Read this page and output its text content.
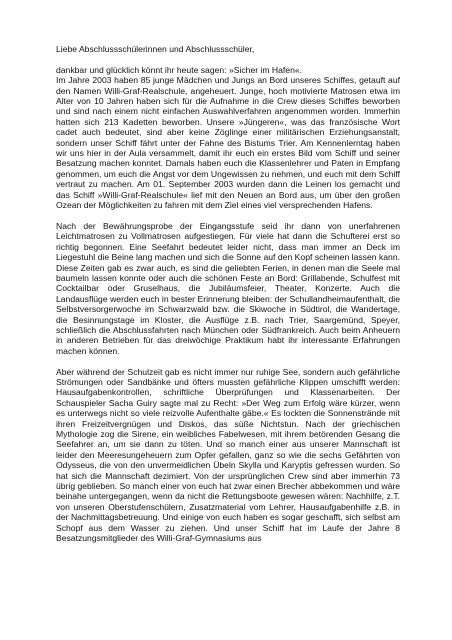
Liebe Abschlussschülerinnen und Abschlussschüler,

dankbar und glücklich könnt ihr heute sagen: »Sicher im Hafen«.

Im Jahre 2003 haben 85 junge Mädchen und Jungs an Bord unseres Schiffes, getauft auf den Namen Willi-Graf-Realschule, angeheuert. Junge, hoch motivierte Matrosen etwa im Alter von 10 Jahren haben sich für die Aufnahme in die Crew dieses Schiffes beworben und sind nach einem nicht einfachen Auswahlverfahren angenommen worden. Immerhin hatten sich 213 Kadetten beworben. Unsere »Jüngeren«, was das französische Wort cadet auch bedeutet, sind aber keine Zöglinge einer militärischen Erziehungsanstalt, sondern unser Schiff fährt unter der Fahne des Bistums Trier. Am Kennenlerntag haben wir uns hier in der Aula versammelt, damit ihr euch ein erstes Bild vom Schiff und seiner Besatzung machen konntet. Damals haben euch die Klassenlehrer und Paten in Empfang genommen, um euch die Angst vor dem Ungewissen zu nehmen, und euch mit dem Schiff vertraut zu machen. Am 01. September 2003 wurden dann die Leinen los gemacht und das Schiff »Willi-Graf-Realschule« lief mit den Neuen an Bord aus, um über den großen Ozean der Möglichkeiten zu fahren mit dem Ziel eines viel versprechenden Hafens.

Nach der Bewährungsprobe der Eingangsstufe seid ihr dann von unerfahrenen Leichtmatrosen zu Vollmatrosen aufgestiegen. Für viele hat dann die Schufterei erst so richtig begonnen. Eine Seefahrt bedeutet leider nicht, dass man immer an Deck im Liegestuhl die Beine lang machen und sich die Sonne auf den Kopf scheinen lassen kann. Diese Zeiten gab es zwar auch, es sind die geliebten Ferien, in denen man die Seele mal baumeln lassen konnte oder auch die schönen Feste an Bord: Grillabende, Schulfest mit Cocktailbar oder Gruselhaus, die Jubiläumsfeier, Theater, Konzerte. Auch die Landausflüge werden euch in bester Erinnerung bleiben: der Schullandheimaufenthalt, die Selbstversorgerwoche im Schwarzwald bzw. die Skiwoche in Südtirol, die Wandertage, die Besinnungstage im Kloster, die Ausflüge z.B. nach Trier, Saargemünd, Speyer, schließlich die Abschlussfahrten nach München oder Südfrankreich. Auch beim Anheuern in anderen Betrieben für das dreiwöchige Praktikum habt ihr interessante Erfahrungen machen können.

Aber während der Schulzeit gab es nicht immer nur ruhige See, sondern auch gefährliche Strömungen oder Sandbänke und öfters mussten gefährliche Klippen umschifft werden: Hausaufgabenkontrollen, schriftliche Überprüfungen und Klassenarbeiten. Der Schauspieler Sacha Guiry sagte mal zu Recht: »Der Weg zum Erfolg wäre kürzer, wenn es unterwegs nicht so viele reizvolle Aufenthalte gäbe.« Es lockten die Sonnenstrände mit ihren Freizeitvergnügen und Diskos, das süße Nichtstun. Nach der griechischen Mythologie zog die Sirene, ein weibliches Fabelwesen, mit ihrem betörenden Gesang die Seefahrer an, um sie dann zu töten. Und so manch einer aus unserer Mannschaft ist leider den Meeresungeheuern zum Opfer gefallen, ganz so wie die sechs Gefährten von Odysseus, die von den unvermeidlichen Übeln Skylla und Karyptis gefressen wurden. So hat sich die Mannschaft dezimiert. Von der ursprünglichen Crew sind aber immerhin 73 übrig geblieben. So manch einer von euch hat zwar einen Brecher abbekommen und wäre beinahe untergegangen, wenn da nicht die Rettungsboote gewesen wären: Nachhilfe, z.T. von unseren Oberstufenschülern, Zusatzmaterial vom Lehrer, Hausaufgabenhilfe z.B. in der Nachmittagsbetreuung. Und einige von euch haben es sogar geschafft, sich selbst am Schopf aus dem Wasser zu ziehen. Und unser Schiff hat im Laufe der Jahre 8 Besatzungsmitglieder des Willi-Graf-Gymnasiums aus
